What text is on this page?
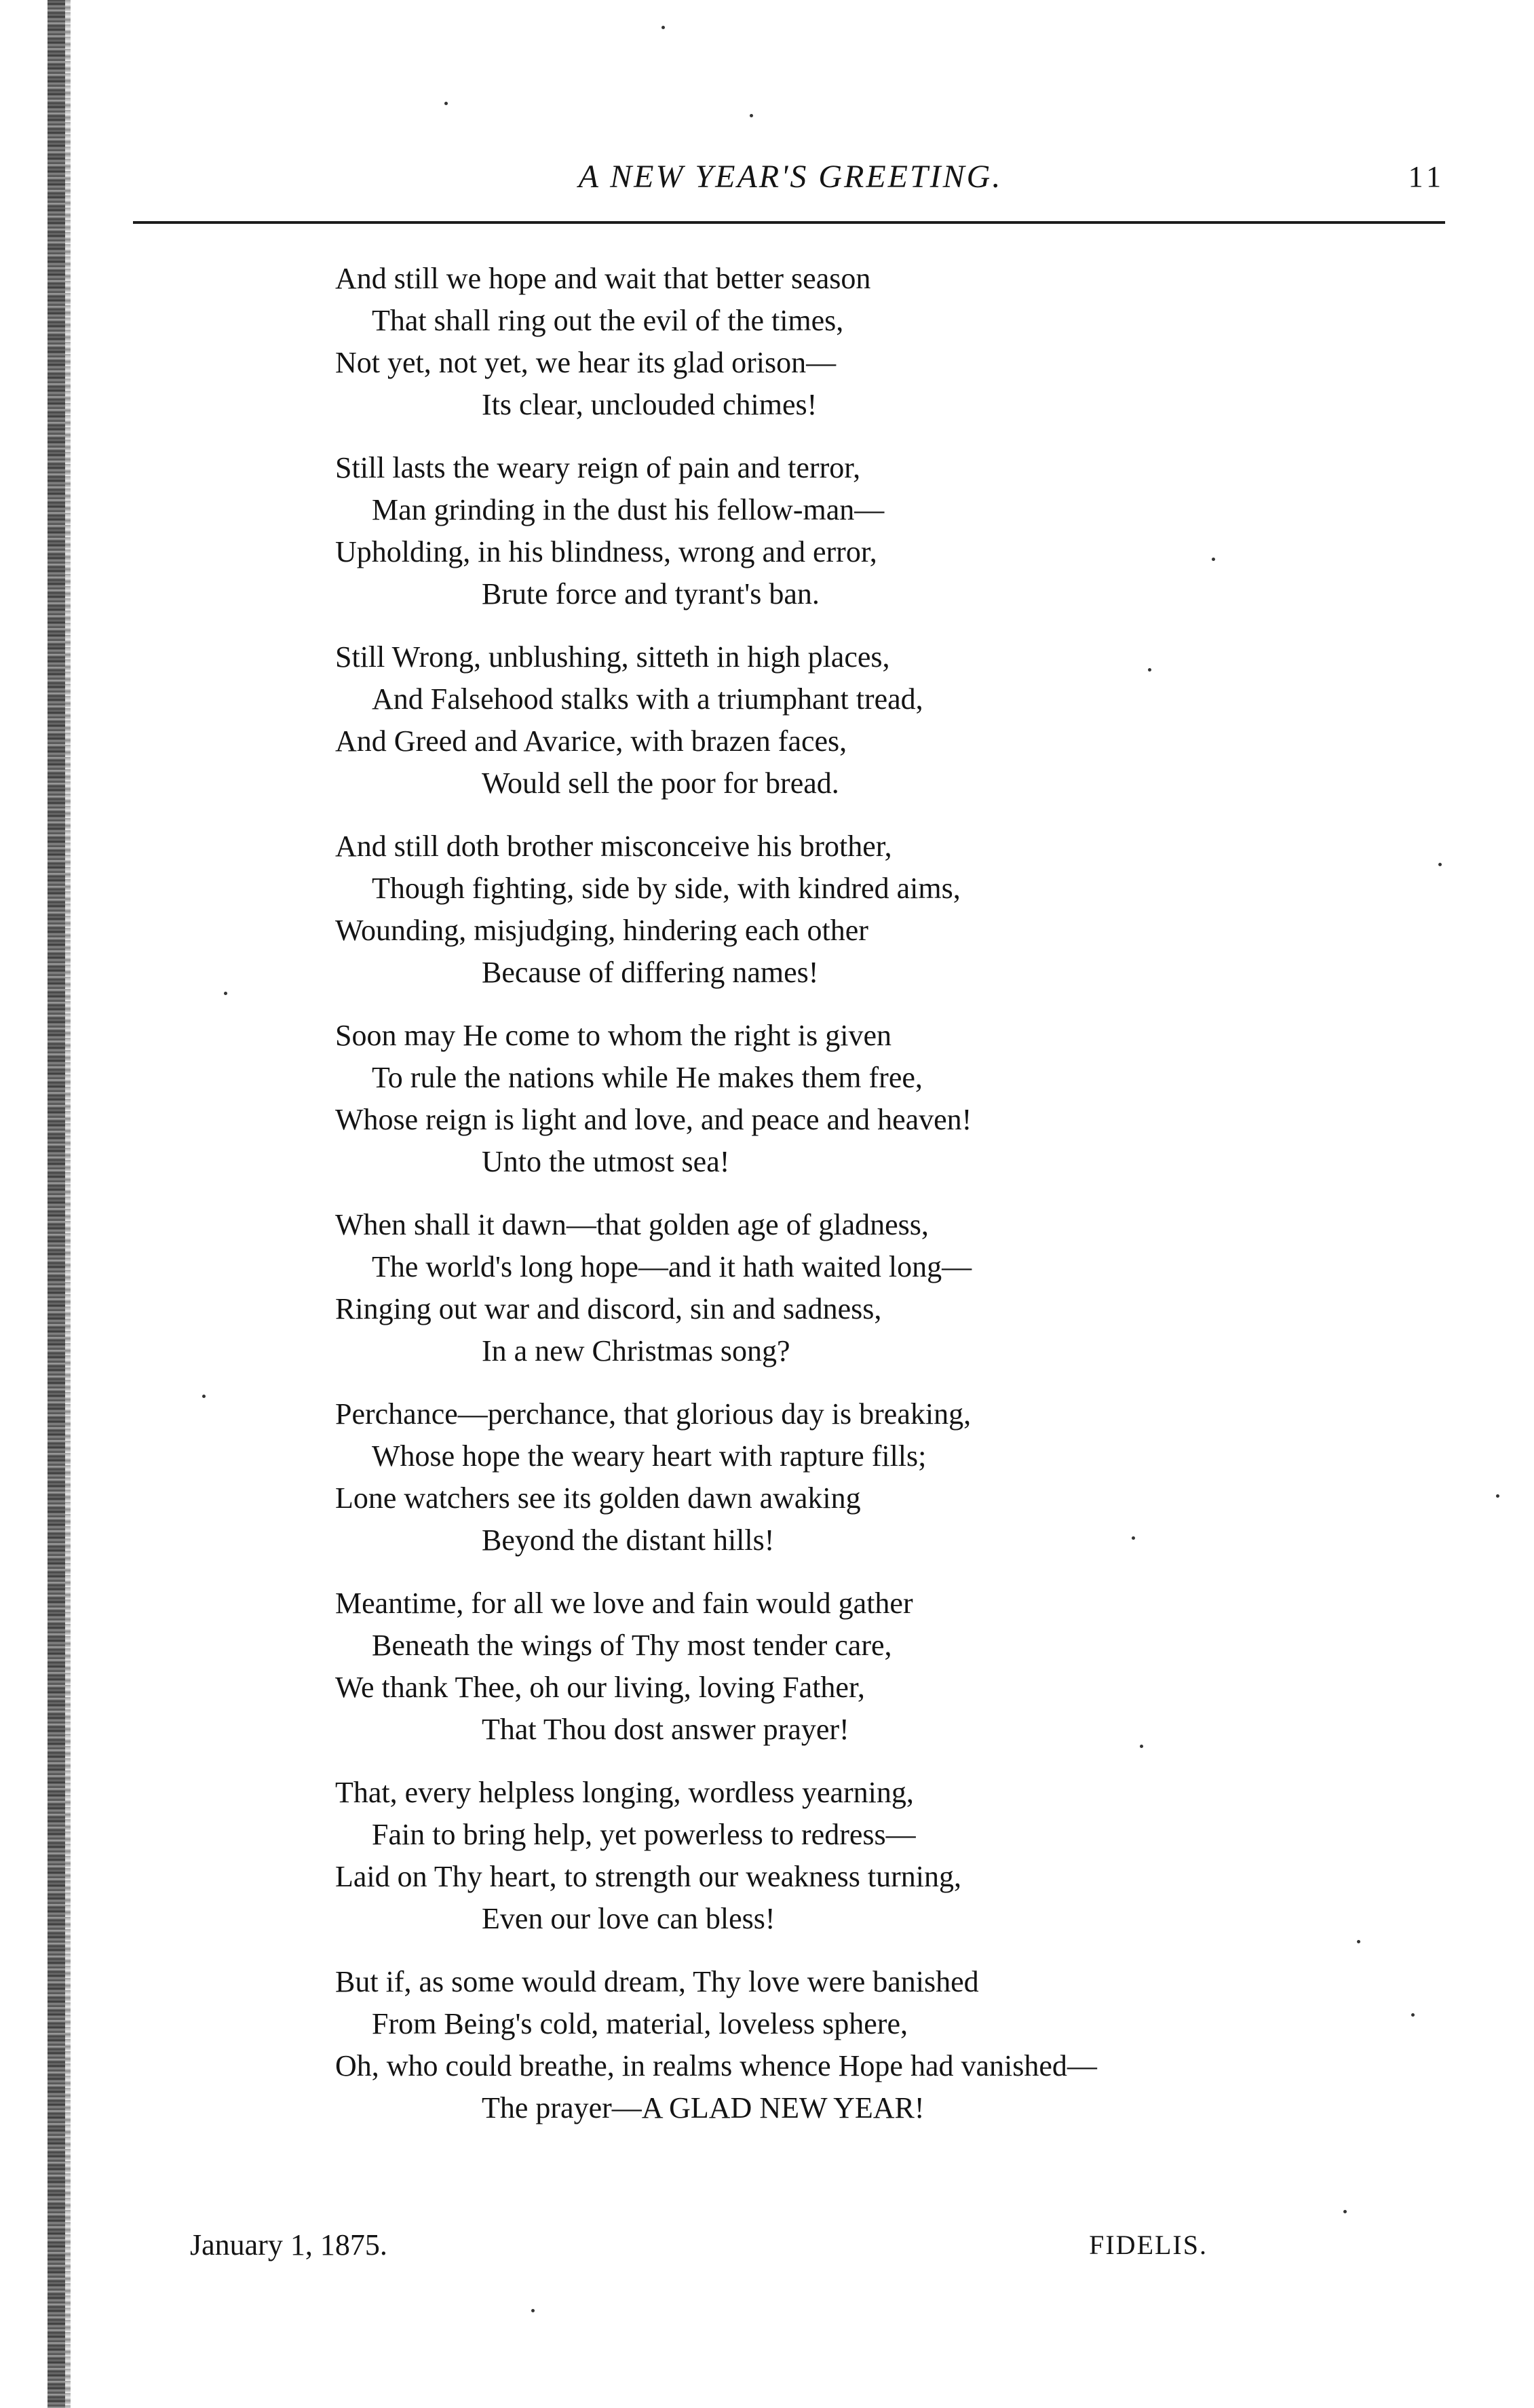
A NEW YEAR'S GREETING.	11
And still we hope and wait that better season
That shall ring out the evil of the times,
Not yet, not yet, we hear its glad orison—
Its clear, unclouded chimes!
Still lasts the weary reign of pain and terror,
Man grinding in the dust his fellow-man—
Upholding, in his blindness, wrong and error,
Brute force and tyrant's ban.
Still Wrong, unblushing, sitteth in high places,
And Falsehood stalks with a triumphant tread,
And Greed and Avarice, with brazen faces,
Would sell the poor for bread.
And still doth brother misconceive his brother,
Though fighting, side by side, with kindred aims,
Wounding, misjudging, hindering each other
Because of differing names!
Soon may He come to whom the right is given
To rule the nations while He makes them free,
Whose reign is light and love, and peace and heaven!
Unto the utmost sea!
When shall it dawn—that golden age of gladness,
The world's long hope—and it hath waited long—
Ringing out war and discord, sin and sadness,
In a new Christmas song?
Perchance—perchance, that glorious day is breaking,
Whose hope the weary heart with rapture fills;
Lone watchers see its golden dawn awaking
Beyond the distant hills!
Meantime, for all we love and fain would gather
Beneath the wings of Thy most tender care,
We thank Thee, oh our living, loving Father,
That Thou dost answer prayer!
That, every helpless longing, wordless yearning,
Fain to bring help, yet powerless to redress—
Laid on Thy heart, to strength our weakness turning,
Even our love can bless!
But if, as some would dream, Thy love were banished
From Being's cold, material, loveless sphere,
Oh, who could breathe, in realms whence Hope had vanished—
The prayer—A GLAD NEW YEAR!
January 1, 1875.	FIDELIS.
